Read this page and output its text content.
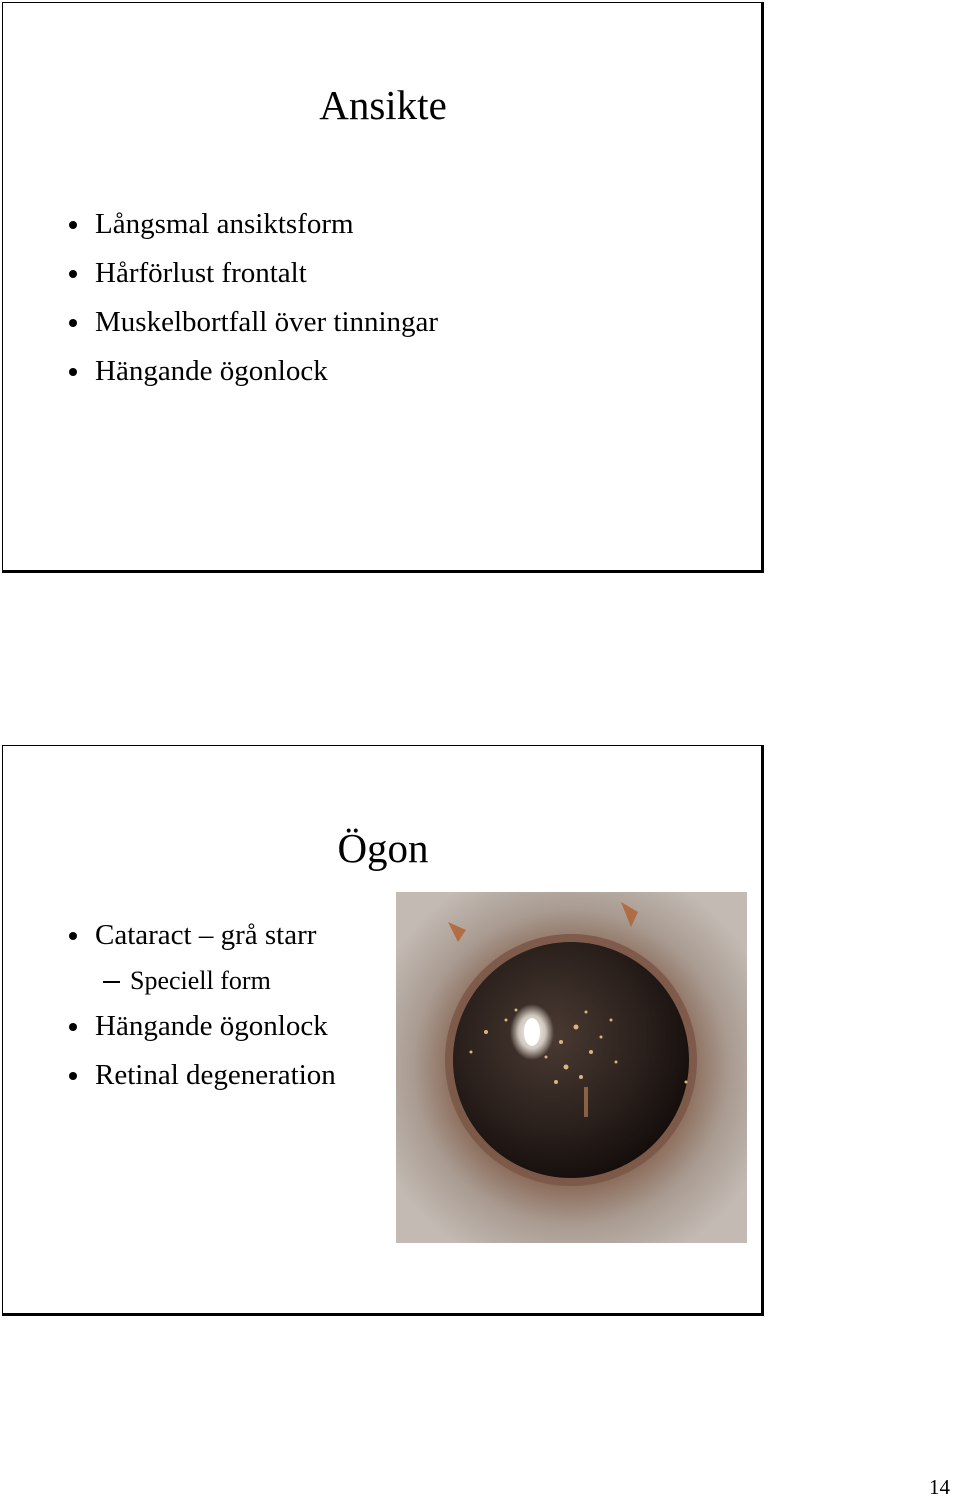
Ansikte
Långsmal ansiktsform
Hårförlust frontalt
Muskelbortfall över tinningar
Hängande ögonlock
Ögon
Cataract – grå starr
Speciell form
Hängande ögonlock
Retinal degeneration
14
